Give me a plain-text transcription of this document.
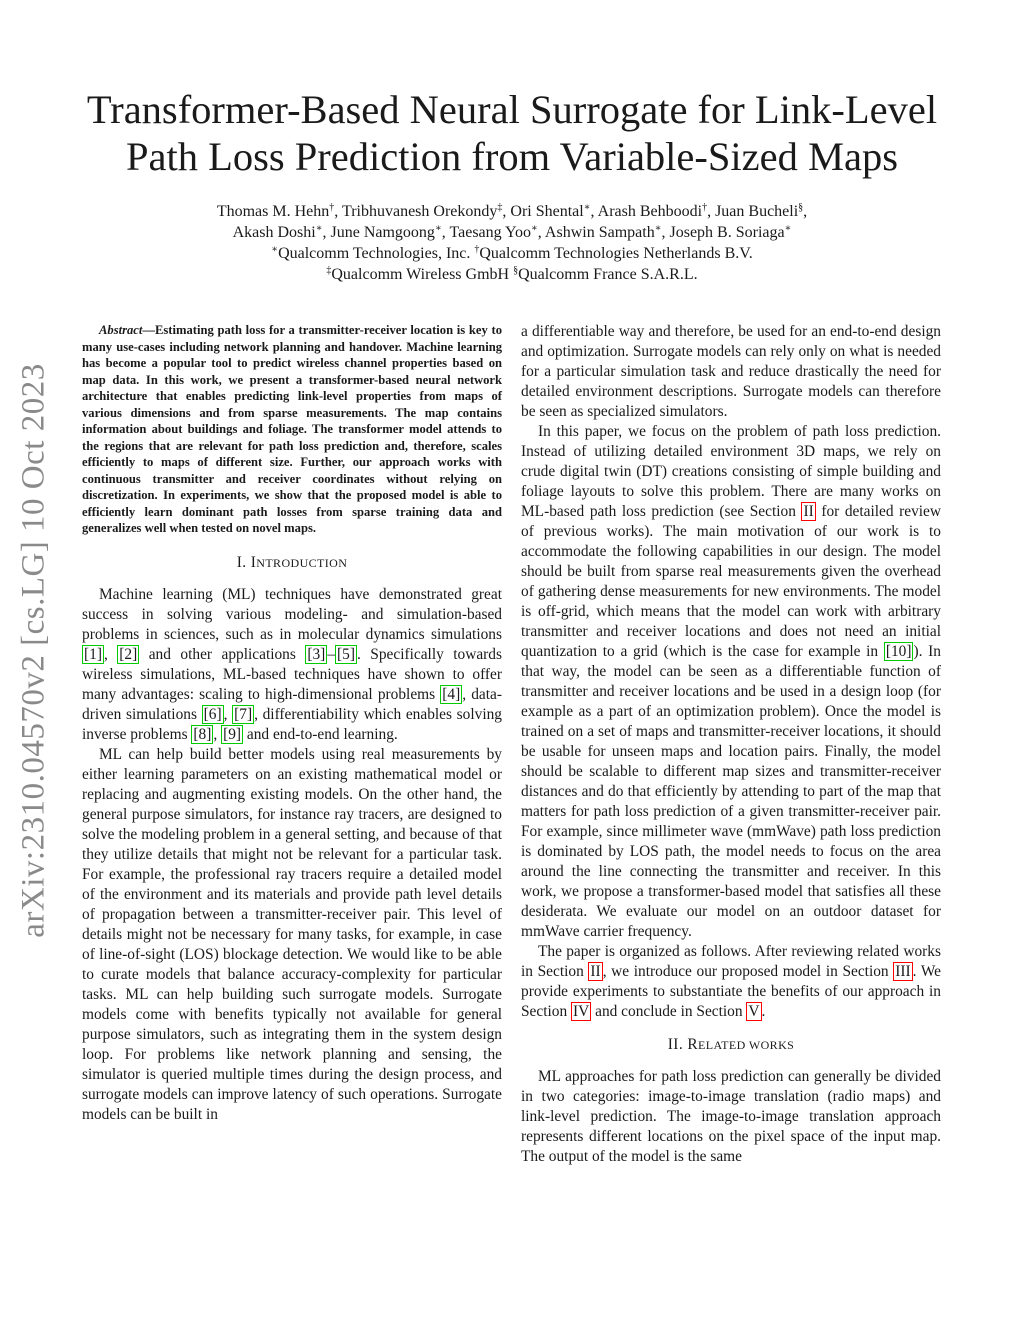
arXiv:2310.04570v2 [cs.LG] 10 Oct 2023
Transformer-Based Neural Surrogate for Link-Level Path Loss Prediction from Variable-Sized Maps
Thomas M. Hehn†, Tribhuvanesh Orekondy‡, Ori Shental∗, Arash Behboodi†, Juan Bucheli§,
Akash Doshi∗, June Namgoong∗, Taesang Yoo∗, Ashwin Sampath∗, Joseph B. Soriaga∗
∗Qualcomm Technologies, Inc. †Qualcomm Technologies Netherlands B.V.
‡Qualcomm Wireless GmbH §Qualcomm France S.A.R.L.

Abstract—Estimating path loss for a transmitter-receiver location is key to many use-cases including network planning and handover. Machine learning has become a popular tool to predict wireless channel properties based on map data. In this work, we present a transformer-based neural network architecture that enables predicting link-level properties from maps of various dimensions and from sparse measurements. The map contains information about buildings and foliage. The transformer model attends to the regions that are relevant for path loss prediction and, therefore, scales efficiently to maps of different size. Further, our approach works with continuous transmitter and receiver coordinates without relying on discretization. In experiments, we show that the proposed model is able to efficiently learn dominant path losses from sparse training data and generalizes well when tested on novel maps.

I. INTRODUCTION

Machine learning (ML) techniques have demonstrated great success in solving various modeling- and simulation-based problems in sciences, such as in molecular dynamics simulations [1] , [2] and other applications [3] – [5] . Specifically towards wireless simulations, ML-based techniques have shown to offer many advantages: scaling to high-dimensional problems [4] , data-driven simulations [6] , [7] , differentiability which enables solving inverse problems [8] , [9] and end-to-end learning.

ML can help build better models using real measurements by either learning parameters on an existing mathematical model or replacing and augmenting existing models. On the other hand, the general purpose simulators, for instance ray tracers, are designed to solve the modeling problem in a general setting, and because of that they utilize details that might not be relevant for a particular task. For example, the professional ray tracers require a detailed model of the environment and its materials and provide path level details of propagation between a transmitter-receiver pair. This level of details might not be necessary for many tasks, for example, in case of line-of-sight (LOS) blockage detection. We would like to be able to curate models that balance accuracy-complexity for particular tasks. ML can help building such surrogate models. Surrogate models come with benefits typically not available for general purpose simulators, such as integrating them in the system design loop. For problems like network planning and sensing, the simulator is queried multiple times during the design process, and surrogate models can improve latency of such operations. Surrogate models can be built in

a differentiable way and therefore, be used for an end-to-end design and optimization. Surrogate models can rely only on what is needed for a particular simulation task and reduce drastically the need for detailed environment descriptions. Surrogate models can therefore be seen as specialized simulators.

In this paper, we focus on the problem of path loss prediction. Instead of utilizing detailed environment 3D maps, we rely on crude digital twin (DT) creations consisting of simple building and foliage layouts to solve this problem. There are many works on ML-based path loss prediction (see Section II for detailed review of previous works). The main motivation of our work is to accommodate the following capabilities in our design. The model should be built from sparse real measurements given the overhead of gathering dense measurements for new environments. The model is off-grid, which means that the model can work with arbitrary transmitter and receiver locations and does not need an initial quantization to a grid (which is the case for example in [10] ). In that way, the model can be seen as a differentiable function of transmitter and receiver locations and be used in a design loop (for example as a part of an optimization problem). Once the model is trained on a set of maps and transmitter-receiver locations, it should be usable for unseen maps and location pairs. Finally, the model should be scalable to different map sizes and transmitter-receiver distances and do that efficiently by attending to part of the map that matters for path loss prediction of a given transmitter-receiver pair. For example, since millimeter wave (mmWave) path loss prediction is dominated by LOS path, the model needs to focus on the area around the line connecting the transmitter and receiver. In this work, we propose a transformer-based model that satisfies all these desiderata. We evaluate our model on an outdoor dataset for mmWave carrier frequency.

The paper is organized as follows. After reviewing related works in Section II , we introduce our proposed model in Section III . We provide experiments to substantiate the benefits of our approach in Section IV and conclude in Section V .

II. RELATED WORKS

ML approaches for path loss prediction can generally be divided in two categories: image-to-image translation (radio maps) and link-level prediction. The image-to-image translation approach represents different locations on the pixel space of the input map. The output of the model is the same
